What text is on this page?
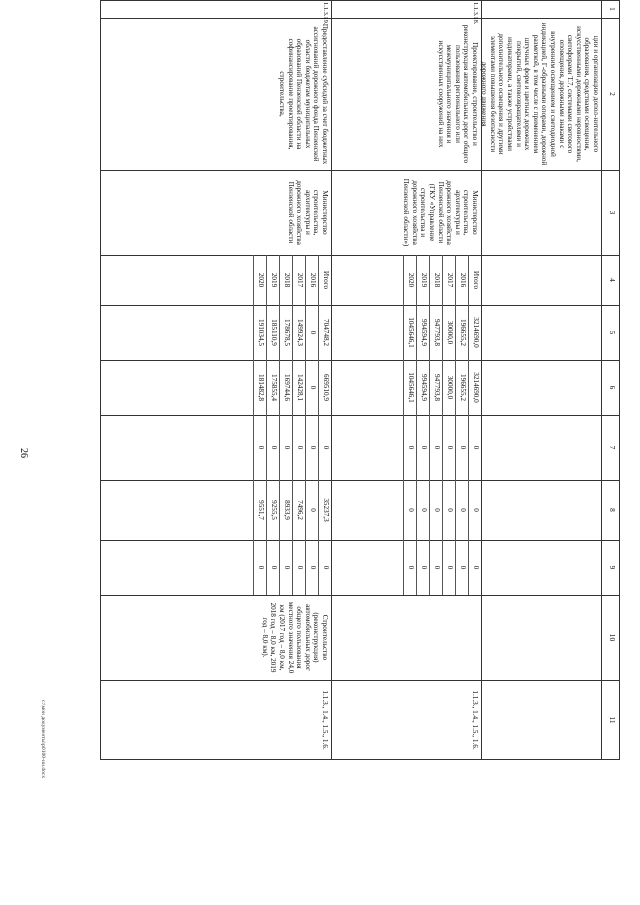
26
1
2
3
4
5
6
7
8
9
10
11
ции и организацию допол-нительного образования, средствами освещения, искусственными дорожными неровностями, светофорами Т.7, системами светового оповещения, дорожными знаками с внутренним освещением и светодиодной индикацией, Г-образными опорами, дорожной разметкой, в том числе с применением штучных форм и цветных дорожных покрытий, световозвращателями и индикаторами, а также устройствами дополнительного освещения и другими элементами повышения безопасности дорожного движения
1.1.3.18.
Проектирование, строительство и реконструкция автомобильных дорог общего пользования регионального или межмуниципального значения и искусственных сооружений на них
Министерство строительства, архитектуры и дорожного хозяйства Пензенской области (ГКУ «Управление строительства и дорожного хозяйства Пензенской области»)
Итого
3214690,0
3214690,0
0
0
0
2016
196655,2
196655,2
0
0
0
2017
30000,0
30000,0
0
0
0
2018
947793,8
947793,8
0
0
0
2019
994594,9
994594,9
0
0
0
2020
1045646,1
1045646,1
0
0
0
1.1.3., 1.4., 1.5., 1.6.
1.1.3.19.
Предоставление субсидий за счет бюджетных ассигнований дорожного фонда Пензенской области бюджетам муниципальных образований Пензенской области на софинансирование проектирования, строительства,
Министерство строительства, архитектуры и дорожного хозяйства Пензенской области
Итого
704748,2
669510,9
0
35237,3
0
2016
0
0
0
0
0
2017
149924,3
142428,1
0
7496,2
0
2018
178678,5
169744,6
0
8933,9
0
2019
185110,9
175855,4
0
9255,5
0
2020
191034,5
181482,8
0
9551,7
0
Строительство (реконструкция) автомобильных дорог общего пользования местного значения 24,0 км (2017 год – 8,0 км, 2018 год – 8,0 км, 2019 год – 8,0 км).
1.1.3., 1.4., 1.5., 1.6.
c:\мои документы\p0100-ии.docx
